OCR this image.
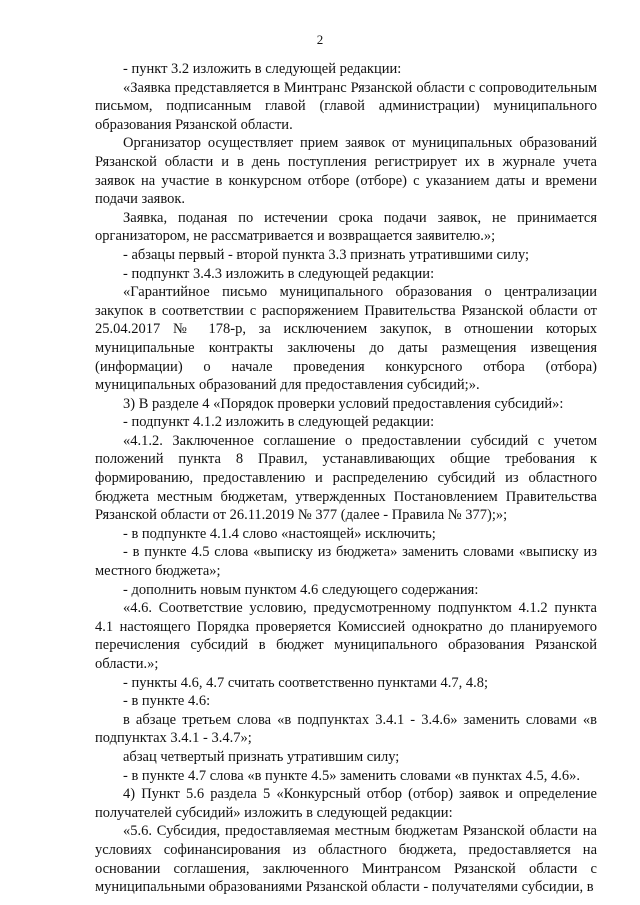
2

- пункт 3.2 изложить в следующей редакции:

«Заявка представляется в Минтранс Рязанской области с сопроводительным письмом, подписанным главой (главой администрации) муниципального образования Рязанской области.

Организатор осуществляет прием заявок от муниципальных образований Рязанской области и в день поступления регистрирует их в журнале учета заявок на участие в конкурсном отборе (отборе) с указанием даты и времени подачи заявок.

Заявка, поданая по истечении срока подачи заявок, не принимается организатором, не рассматривается и возвращается заявителю.»;

- абзацы первый - второй пункта 3.3 признать утратившими силу;

- подпункт 3.4.3 изложить в следующей редакции:

«Гарантийное письмо муниципального образования о централизации закупок в соответствии с распоряжением Правительства Рязанской области от 25.04.2017 № 178-р, за исключением закупок, в отношении которых муниципальные контракты заключены до даты размещения извещения (информации) о начале проведения конкурсного отбора (отбора) муниципальных образований для предоставления субсидий;».

3) В разделе 4 «Порядок проверки условий предоставления субсидий»:

- подпункт 4.1.2 изложить в следующей редакции:

«4.1.2. Заключенное соглашение о предоставлении субсидий с учетом положений пункта 8 Правил, устанавливающих общие требования к формированию, предоставлению и распределению субсидий из областного бюджета местным бюджетам, утвержденных Постановлением Правительства Рязанской области от 26.11.2019 № 377 (далее - Правила № 377);»;

- в подпункте 4.1.4 слово «настоящей» исключить;

- в пункте 4.5 слова «выписку из бюджета» заменить словами «выписку из местного бюджета»;

- дополнить новым пунктом 4.6 следующего содержания:

«4.6. Соответствие условию, предусмотренному подпунктом 4.1.2 пункта 4.1 настоящего Порядка проверяется Комиссией однократно до планируемого перечисления субсидий в бюджет муниципального образования Рязанской области.»;

- пункты 4.6, 4.7 считать соответственно пунктами 4.7, 4.8;

- в пункте 4.6:

в абзаце третьем слова «в подпунктах 3.4.1 - 3.4.6» заменить словами «в подпунктах 3.4.1 - 3.4.7»;

абзац четвертый признать утратившим силу;

- в пункте 4.7 слова «в пункте 4.5» заменить словами «в пунктах 4.5, 4.6».

4) Пункт 5.6 раздела 5 «Конкурсный отбор (отбор) заявок и определение получателей субсидий» изложить в следующей редакции:

«5.6. Субсидия, предоставляемая местным бюджетам Рязанской области на условиях софинансирования из областного бюджета, предоставляется на основании соглашения, заключенного Минтрансом Рязанской области с муниципальными образованиями Рязанской области - получателями субсидии, в
